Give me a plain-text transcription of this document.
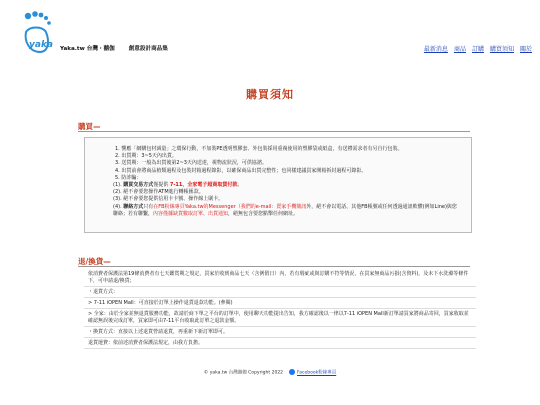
yaka Yaka.tw 台灣・囍伽	創意設計商品集	最新消息 商品 訂購 購買須知 關於
購買須知
購買—
1. 響應「網購包材減量」之環保行動，不加裝PE透明塑膠套、外包裝採用重複使用的塑膠袋或紙盒，有送禮需求者有另自行包裝。
2. 出貨期：3~5天內出貨。
3. 送貨期：一般為出貨後第2~3天內送達，視物流狀況，可供協諮。
4. 出貨前會將商品植類過程及包裝封箱過程錄影，以確保商品出貨完整性；也同樣建議買家開箱拆封過程可錄影。
5. 防詐騙：
(1). 購買交易方式僅提供 7-11、全家電子超商取貨付款。
(2). 絕不會要您操作ATM進行轉帳匯款。
(3). 絕不會要您提供信用卡卡號、操作線上刷卡。
(4). 聯絡方式只有在FB粉絲專頁Yaka.tw的Messenger（我們的e-mail：賣家手機簡訊外，絕不會以電話、其他FB帳號或任何透過通訊軟體(例如Line)與您聯絡；若有聯繫，內容僅據缺貨數取訂單、出貨通知，絕無包含要您點擊任何網址。
退/換貨—

依消費者保護法第19條消費者有七天鑑賞期之規定，買家於收到商品七天（含例假日）內，若有瑕疵或與訂購不符等情況，在買家無商品污損(含資料)，及未下水洗滌等條件下，可申請退/換貨；

・退貨方式：

> 7-11 iOPEN Mall：可直接於訂單上操作退貨退款功能。(參閱)

> 全家：由於全家並無退貨服務功能，故請於商下單之平台的訂單中，使用聊天功能提出告知，我方確認後以一律以7-11 iOPEN Mall新訂單請買家將商品寄回，買家收取並確認無誤後完成訂單，買家即可由7-11平台收取此訂單之退款金額。

・換貨方式：直接以上述退貨營請退貨，再重新下新訂單即可。

退貨運費：依前述消費者保護法規定，由我方負擔。

© yaka.tw 台灣囍伽 Copyright 2022	Facebook粉絲專頁
